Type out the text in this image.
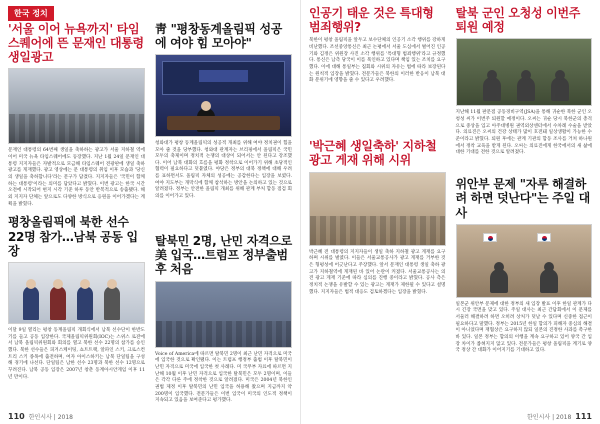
한국 정치
'서울 이어 뉴욕까지' 타임스퀘어에 뜬 문재인 대통령 생일광고
문재인 대통령의 64번째 생일을 축하하는 광고가 서울 지하철 역에 이어 미국 뉴욕 타임스퀘어에도 등장했다. 지난 1월 24일 문재인 대통령 지지자들은 자발적으로 모금해 타임스퀘어 전광판에 생일 축하 광고를 게재했다. 광고 영상에는 문 대통령의 취임 이후 모습과 '당신의 생일을 축하합니다'라는 문구가 담겼다. 지지자들은 '국민이 함께하는 대통령'이라는 의미를 담았다고 밝혔다. 이번 광고는 한국 시간 오전에 시작되어 현지 시각 기준 하루 동안 반복적으로 송출됐다. 해외 지지자 단체는 앞으로도 다양한 방식으로 응원을 이어가겠다는 계획을 밝혔다.
평창올림픽에 북한 선수 22명 참가…남북 공동 입장
이달 9일 열리는 평창 동계올림픽 개회식에서 남북 선수단이 한반도기를 들고 공동 입장한다. 국제올림픽위원회(IOC)는 스위스 로잔에서 남북 올림픽위원회와 회의를 열고 북한 선수 22명의 참가를 승인했다. 북한 선수들은 피겨스케이팅, 쇼트트랙, 알파인 스키, 크로스컨트리 스키 종목에 출전하며, 여자 아이스하키는 남북 단일팀을 구성해 경기에 나선다. 단일팀은 남한 선수 23명과 북한 선수 12명으로 꾸려진다. 남북 공동 입장은 2007년 창춘 동계아시안게임 이후 11년 만이다.
靑 "평창동계올림픽 성공에 여야 힘 모아야"
청와대가 평창 동계올림픽의 성공적 개최를 위해 여야 정치권이 힘을 모아 줄 것을 당부했다. 청와대 관계자는 브리핑에서 올림픽은 국민 모두의 축제이며 정치적 논쟁의 대상이 되어서는 안 된다고 강조했다. 이어 남북 대화의 흐름을 평화 정착으로 이어가기 위해 초당적인 협력이 필요하다고 덧붙였다. 야당은 정부의 대북 정책에 대해 우려를 표하면서도 올림픽 자체의 성공에는 공감한다는 입장을 보였다. 여야 지도부는 개막식에 함께 참석하는 방안을 논의하고 있는 것으로 알려졌다. 정부는 안전한 올림픽 개최를 위해 관계 부처 합동 점검 회의를 이어가고 있다.
탈북민 2명, 난민 자격으로 美 입국…트럼프 정부출범 후 처음
Voice of America에 따르면 탈북민 2명이 최근 난민 자격으로 미국에 입국한 것으로 확인됐다. 이는 트럼프 행정부 출범 이후 탈북민이 난민 자격으로 미국에 입국한 첫 사례다. 미 국무부 자료에 따르면 지난해 10월 이후 난민 자격으로 입국한 탈북민은 모두 2명이며, 이들은 각각 다른 주에 정착한 것으로 알려졌다. 미국은 2004년 북한인권법 제정 이후 탈북민의 난민 입국을 허용해 왔으며 지금까지 약 200명이 입국했다. 전문가들은 이번 입국이 미국의 인도적 정책이 지속되고 있음을 보여준다고 평가했다.
110 한인시사 | 2018
인공기 태운 것은 특대형 범죄행위?
북한이 평창 올림픽을 앞두고 보수단체의 인공기 소각 행위를 강하게 비난했다. 조선중앙통신은 최근 논평에서 서울 도심에서 벌어진 인공기와 김정은 위원장 사진 소각 행위를 '특대형 범죄행위'라고 규정했다. 통신은 남측 당국이 이를 묵인하고 있다며 책임 있는 조치를 요구했다. 이에 대해 통일부는 집회와 시위의 자유는 법에 따라 보장된다는 원칙적 입장을 밝혔다. 전문가들은 북한의 이러한 반응이 남북 대화 분위기에 영향을 줄 수 있다고 우려했다.
'박근혜 생일축하' 지하철 광고 게재 위해 시위
박근혜 전 대통령의 지지자들이 생일 축하 지하철 광고 게재를 요구하며 시위를 벌였다. 이들은 서울교통공사가 광고 게재를 거부한 것은 형평성에 어긋난다고 주장했다. 앞서 문재인 대통령 생일 축하 광고가 지하철역에 게재된 바 있어 논란이 커졌다. 서울교통공사는 의견 광고 게재 기준에 따라 심의를 진행 중이라고 밝혔다. 공사 측은 정치적 논쟁을 유발할 수 있는 광고는 게재가 제한될 수 있다고 설명했다. 지지자들은 법적 대응도 검토하겠다는 입장을 밝혔다.
탈북 군인 오청성 이번주 퇴원 예정
지난해 11월 판문점 공동경비구역(JSA)을 통해 귀순한 북한 군인 오청성 씨가 이번주 퇴원할 예정이다. 오씨는 귀순 당시 북한군의 총격으로 중상을 입고 아주대병원 권역외상센터에서 수차례 수술을 받았다. 의료진은 오씨의 건강 상태가 많이 호전돼 일상생활이 가능한 수준이라고 밝혔다. 퇴원 후에는 관계 기관의 합동 조사를 거쳐 하나원에서 정착 교육을 받게 된다. 오씨는 의료진에게 한국에서의 새 삶에 대한 기대를 전한 것으로 알려졌다.
위안부 문제 "자루 해결하려 하면 덧난다"는 주일 대사
일본군 위안부 문제에 대한 정부의 새 입장 발표 이후 한일 관계가 다시 긴장 국면을 맞고 있다. 주일 대사는 최근 간담회에서 이 문제를 서둘러 해결하려 하면 오히려 상처가 덧날 수 있다며 신중한 접근이 필요하다고 말했다. 정부는 2015년 한일 합의가 피해자 중심의 해결이 아니었다며 재협상은 요구하지 않되 일본의 진정한 사과를 촉구한 바 있다. 일본 정부는 합의의 이행을 계속 요구하고 있어 양국 간 입장 차이가 좁혀지지 않고 있다. 전문가들은 평창 올림픽을 계기로 양국 정상 간 대화가 이어지기를 기대하고 있다.
한인시사 | 2018 111
